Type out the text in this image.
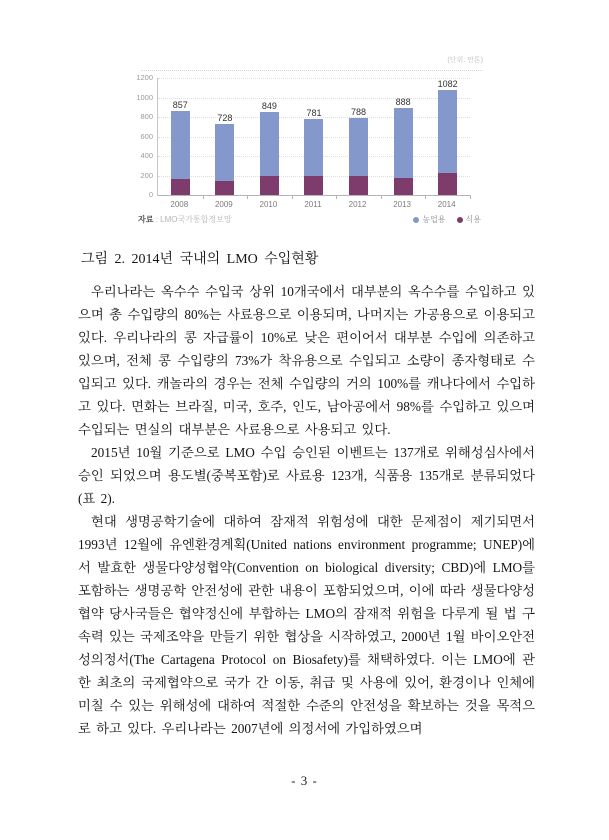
(단위: 만톤)
0
200
400
600
800
1000
1200
857
728
849
781	788
888
1082
2008	2009	2010	2011	2012	2013	2014
자료 : LMO국가통합정보망	농업용	식용
그림 2. 2014년 국내의 LMO 수입현황

우리나라는 옥수수 수입국 상위 10개국에서 대부분의 옥수수를 수입하고 있으며 총 수입량의 80%는 사료용으로 이용되며, 나머지는 가공용으로 이용되고 있다. 우리나라의 콩 자급률이 10%로 낮은 편이어서 대부분 수입에 의존하고 있으며, 전체 콩 수입량의 73%가 착유용으로 수입되고 소량이 종자형태로 수입되고 있다. 캐놀라의 경우는 전체 수입량의 거의 100%를 캐나다에서 수입하고 있다. 면화는 브라질, 미국, 호주, 인도, 남아공에서 98%를 수입하고 있으며 수입되는 면실의 대부분은 사료용으로 사용되고 있다.

2015년 10월 기준으로 LMO 수입 승인된 이벤트는 137개로 위해성심사에서 승인 되었으며 용도별(중복포함)로 사료용 123개, 식품용 135개로 분류되었다(표 2).

현대 생명공학기술에 대하여 잠재적 위험성에 대한 문제점이 제기되면서 1993년 12월에 유엔환경계획(United nations environment programme; UNEP)에서 발효한 생물다양성협약(Convention on biological diversity; CBD)에 LMO를 포함하는 생명공학 안전성에 관한 내용이 포함되었으며, 이에 따라 생물다양성 협약 당사국들은 협약정신에 부합하는 LMO의 잠재적 위험을 다루게 될 법 구속력 있는 국제조약을 만들기 위한 협상을 시작하였고, 2000년 1월 바이오안전성의정서(The Cartagena Protocol on Biosafety)를 채택하였다. 이는 LMO에 관한 최초의 국제협약으로 국가 간 이동, 취급 및 사용에 있어, 환경이나 인체에 미칠 수 있는 위해성에 대하여 적절한 수준의 안전성을 확보하는 것을 목적으로 하고 있다. 우리나라는 2007년에 의정서에 가입하였으며

- 3 -
